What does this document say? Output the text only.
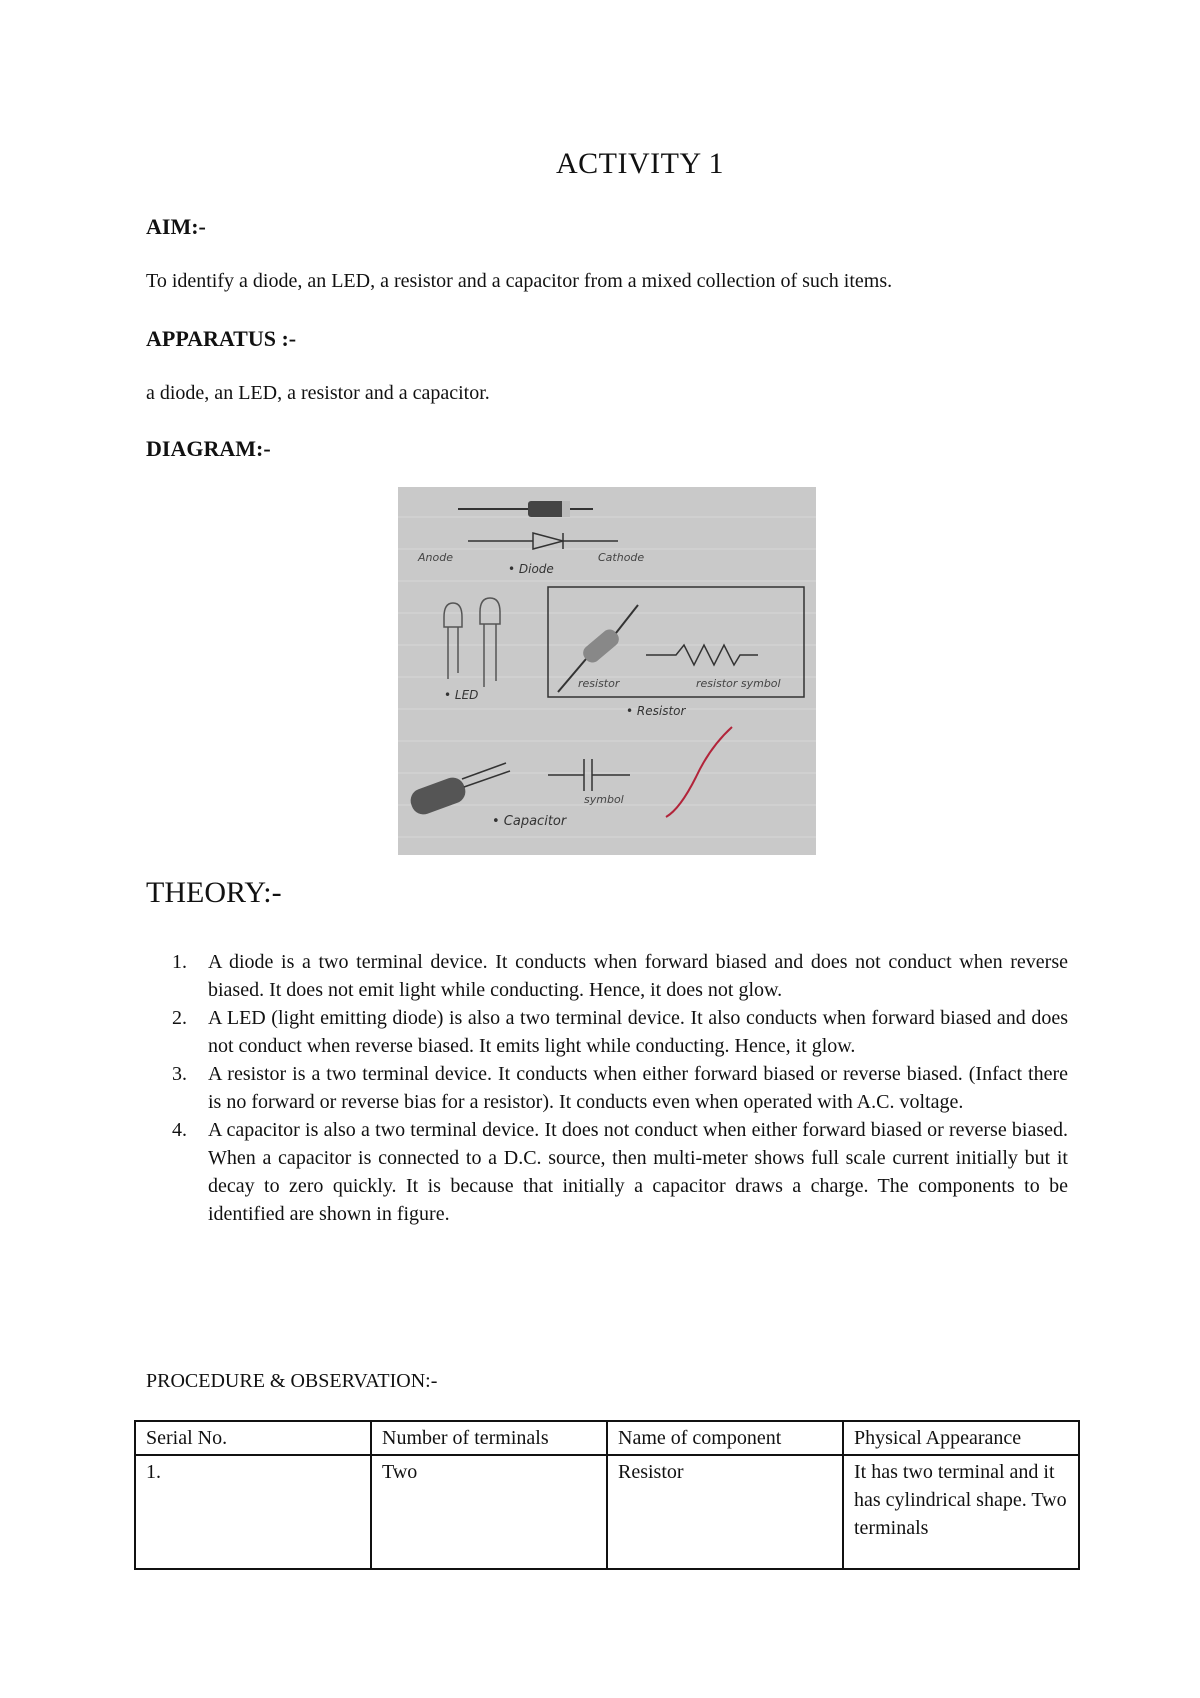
ACTIVITY 1
AIM:-
To identify a diode, an LED, a resistor and a capacitor from a mixed collection of such items.
APPARATUS :-
a diode, an LED, a resistor and a capacitor.
DIAGRAM:-
Anode	Cathode
• Diode
• LED
resistor	resistor symbol
• Resistor
symbol
• Capacitor
THEORY:-
1. A diode is a two terminal device. It conducts when forward biased and does not conduct when reverse biased. It does not emit light while conducting. Hence, it does not glow.
2. A LED (light emitting diode) is also a two terminal device. It also conducts when forward biased and does not conduct when reverse biased. It emits light while conducting. Hence, it glow.
3. A resistor is a two terminal device. It conducts when either forward biased or reverse biased. (Infact there is no forward or reverse bias for a resistor). It conducts even when operated with A.C. voltage.
4. A capacitor is also a two terminal device. It does not conduct when either forward biased or reverse biased. When a capacitor is connected to a D.C. source, then multi-meter shows full scale current initially but it decay to zero quickly. It is because that initially a capacitor draws a charge. The components to be identified are shown in figure.
PROCEDURE & OBSERVATION:-
Serial No.	Number of terminals	Name of component	Physical Appearance
1.	Two	Resistor	It has two terminal and it has cylindrical shape. Two terminals
